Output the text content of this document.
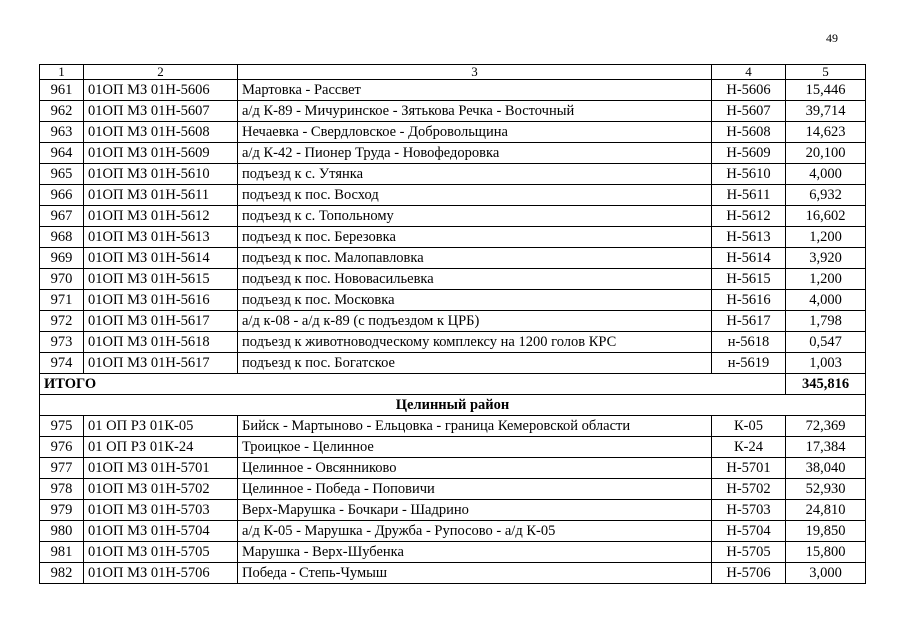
49
1	2	3	4	5
961	01ОП МЗ 01Н-5606	Мартовка - Рассвет	Н-5606	15,446
962	01ОП МЗ 01Н-5607	а/д К-89 - Мичуринское - Зятькова Речка - Восточный	Н-5607	39,714
963	01ОП МЗ 01Н-5608	Нечаевка - Свердловское - Добровольщина	Н-5608	14,623
964	01ОП МЗ 01Н-5609	а/д К-42 - Пионер Труда - Новофедоровка	Н-5609	20,100
965	01ОП МЗ 01Н-5610	подъезд к с. Утянка	Н-5610	4,000
966	01ОП МЗ 01Н-5611	подъезд к пос. Восход	Н-5611	6,932
967	01ОП МЗ 01Н-5612	подъезд к с. Топольному	Н-5612	16,602
968	01ОП МЗ 01Н-5613	подъезд к пос. Березовка	Н-5613	1,200
969	01ОП МЗ 01Н-5614	подъезд к пос. Малопавловка	Н-5614	3,920
970	01ОП МЗ 01Н-5615	подъезд к пос. Нововасильевка	Н-5615	1,200
971	01ОП МЗ 01Н-5616	подъезд к пос. Московка	Н-5616	4,000
972	01ОП МЗ 01Н-5617	а/д к-08 - а/д к-89 (с подъездом к ЦРБ)	Н-5617	1,798
973	01ОП МЗ 01Н-5618	подъезд к животноводческому комплексу на 1200 голов КРС	н-5618	0,547
974	01ОП МЗ 01Н-5617	подъезд к пос. Богатское	н-5619	1,003
ИТОГО				345,816
Целинный район				
975	01 ОП РЗ 01К-05	Бийск - Мартыново - Ельцовка - граница Кемеровской области	К-05	72,369
976	01 ОП РЗ 01К-24	Троицкое - Целинное	К-24	17,384
977	01ОП МЗ 01Н-5701	Целинное - Овсянниково	Н-5701	38,040
978	01ОП МЗ 01Н-5702	Целинное - Победа - Поповичи	Н-5702	52,930
979	01ОП МЗ 01Н-5703	Верх-Марушка - Бочкари - Шадрино	Н-5703	24,810
980	01ОП МЗ 01Н-5704	а/д К-05 - Марушка - Дружба - Рупосово - а/д К-05	Н-5704	19,850
981	01ОП МЗ 01Н-5705	Марушка - Верх-Шубенка	Н-5705	15,800
982	01ОП МЗ 01Н-5706	Победа - Степь-Чумыш	Н-5706	3,000
